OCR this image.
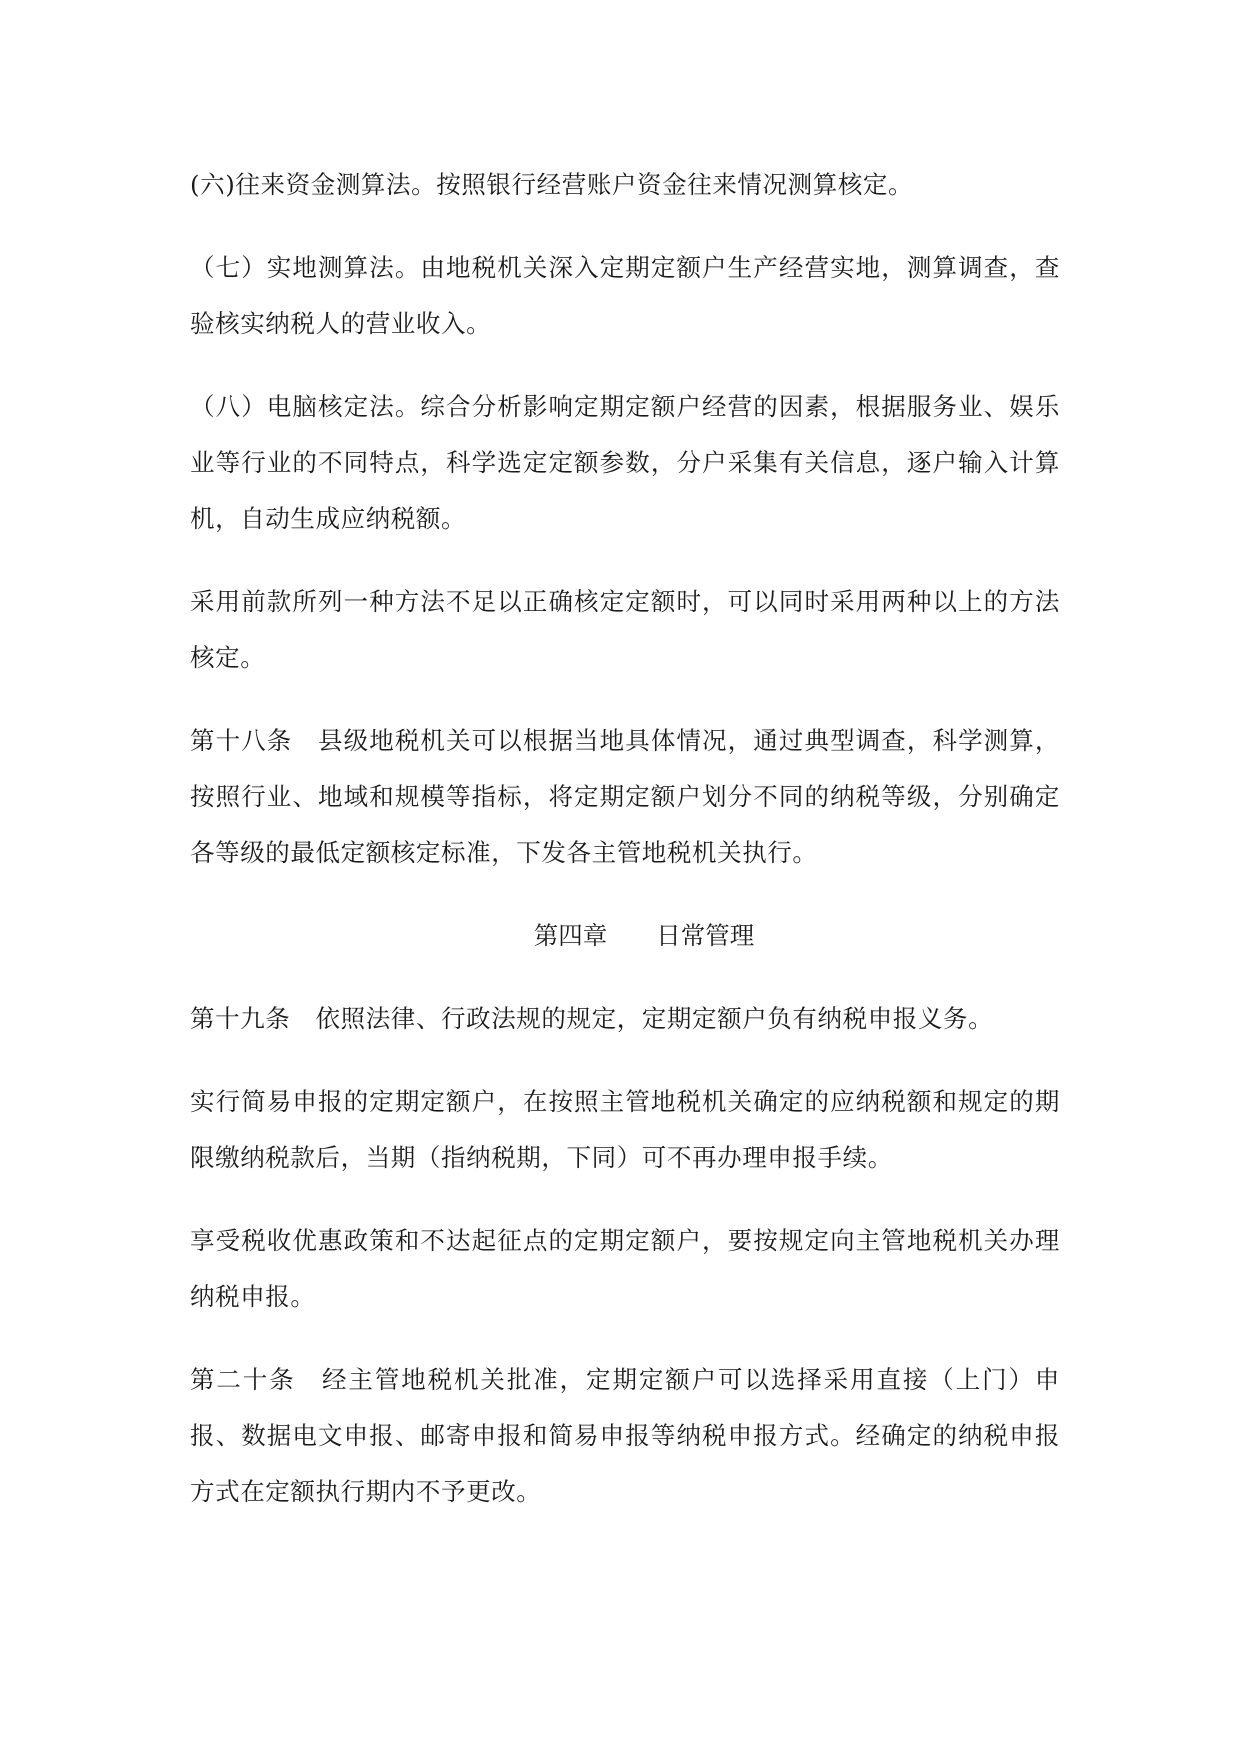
(六)往来资金测算法。按照银行经营账户资金往来情况测算核定。

（七）实地测算法。由地税机关深入定期定额户生产经营实地，测算调查，查验核实纳税人的营业收入。

（八）电脑核定法。综合分析影响定期定额户经营的因素，根据服务业、娱乐业等行业的不同特点，科学选定定额参数，分户采集有关信息，逐户输入计算机，自动生成应纳税额。

采用前款所列一种方法不足以正确核定定额时，可以同时采用两种以上的方法核定。

第十八条　县级地税机关可以根据当地具体情况，通过典型调查，科学测算，按照行业、地域和规模等指标，将定期定额户划分不同的纳税等级，分别确定各等级的最低定额核定标准，下发各主管地税机关执行。

第四章　　日常管理

第十九条　依照法律、行政法规的规定，定期定额户负有纳税申报义务。

实行简易申报的定期定额户，在按照主管地税机关确定的应纳税额和规定的期限缴纳税款后，当期（指纳税期，下同）可不再办理申报手续。

享受税收优惠政策和不达起征点的定期定额户，要按规定向主管地税机关办理纳税申报。

第二十条　经主管地税机关批准，定期定额户可以选择采用直接（上门）申报、数据电文申报、邮寄申报和简易申报等纳税申报方式。经确定的纳税申报方式在定额执行期内不予更改。
